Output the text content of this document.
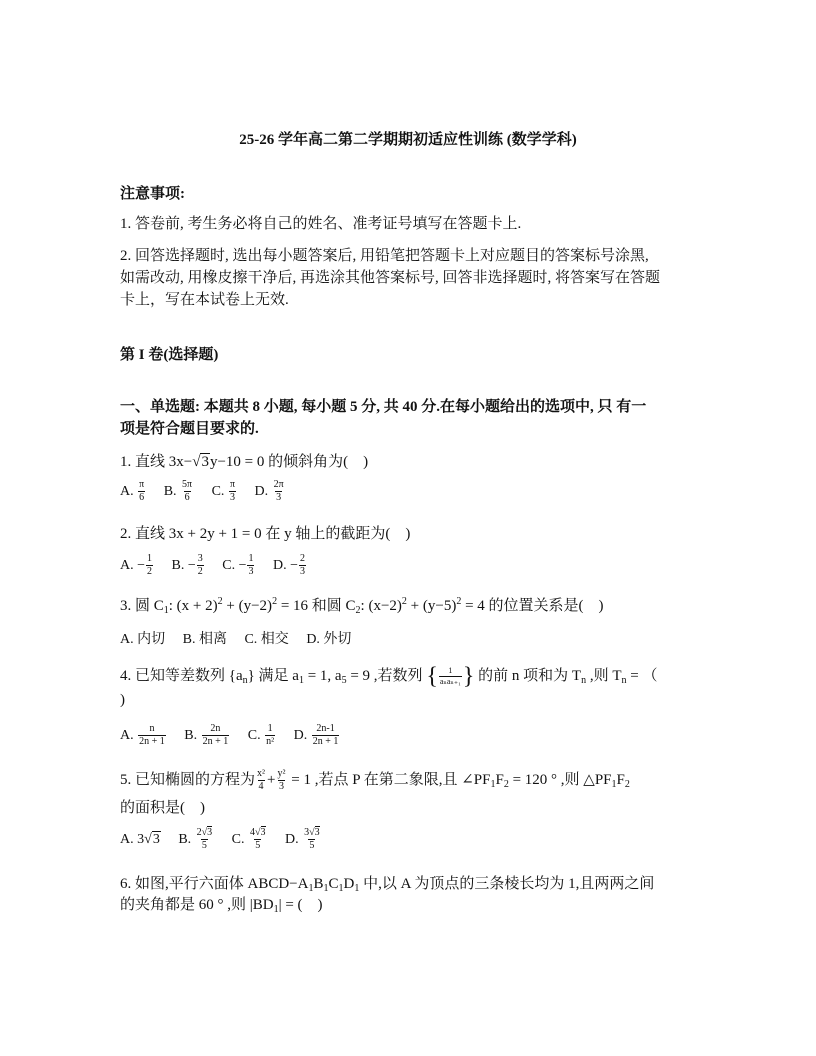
25-26 学年高二第二学期期初适应性训练 (数学学科)
注意事项:
1. 答卷前, 考生务必将自己的姓名、准考证号填写在答题卡上.
2. 回答选择题时, 选出每小题答案后, 用铅笔把答题卡上对应题目的答案标号涂黑,
如需改动, 用橡皮擦干净后, 再选涂其他答案标号, 回答非选择题时, 将答案写在答题
卡上，写在本试卷上无效.
第 I 卷(选择题)
一、单选题: 本题共 8 小题, 每小题 5 分, 共 40 分.在每小题给出的选项中, 只 有一
项是符合题目要求的.
1. 直线 3x−√3y−10 = 0 的倾斜角为(　)
A. $\frac{\pi}{6} B$. $\frac{5\pi}{6} C$. $\frac{\pi}{3} D$. $\frac{2\pi}{3}$
2. 直线 3x + 2y + 1 = 0 在 y 轴上的截距为(　)
A. − $\frac{1}{2} B$. − $\frac{3}{2} C$. − $\frac{1}{3} D$. − $\frac{2}{3}$
3. 圆 $C_1$: $(x + 2)^2 + (y-2)^2 = 16$ 和圆 $C_2$: $(x-2)^2 + (y-5)^2 = 4$ 的位置关系是(　)
A. 内切 B. 相离 C. 相交 D. 外切
4. 已知等差数列 $\{a_n\}$ 满足 $a_1 = 1$, $a_5 = 9$ ,若数列 { $\frac{1}{\text{aₙaₙ₊₁}}$ } 的前 n 项和为 $T_n$ ,则 $T_n$ = （
)
A. $\frac{n}{2n + 1} B$. $\frac{2n}{2n + 1} C$. $\frac{1}{\text{n²}} D$. $\frac{2n-1}{2n + 1}$
5. 已知椭圆的方程为 $\frac{\text{x²}}{4} + \frac{\text{y²}}{3} = 1$ ,若点 P 在第二象限,且 $\angle PF_1F_2 = 120$ ° ,则 $\triangle PF_1F_2$
的面积是(　)
A. 3√3 B. $\frac{2√3}{5} C$. $\frac{4√3}{5} D$. $\frac{3√3}{5}$
6. 如图,平行六面体 $ABCD-A_1B_1C_1D_1$ 中,以 A 为顶点的三条棱长均为 1,且两两之间
的夹角都是 60 ° ,则 $|BD_1|$ = (　)
